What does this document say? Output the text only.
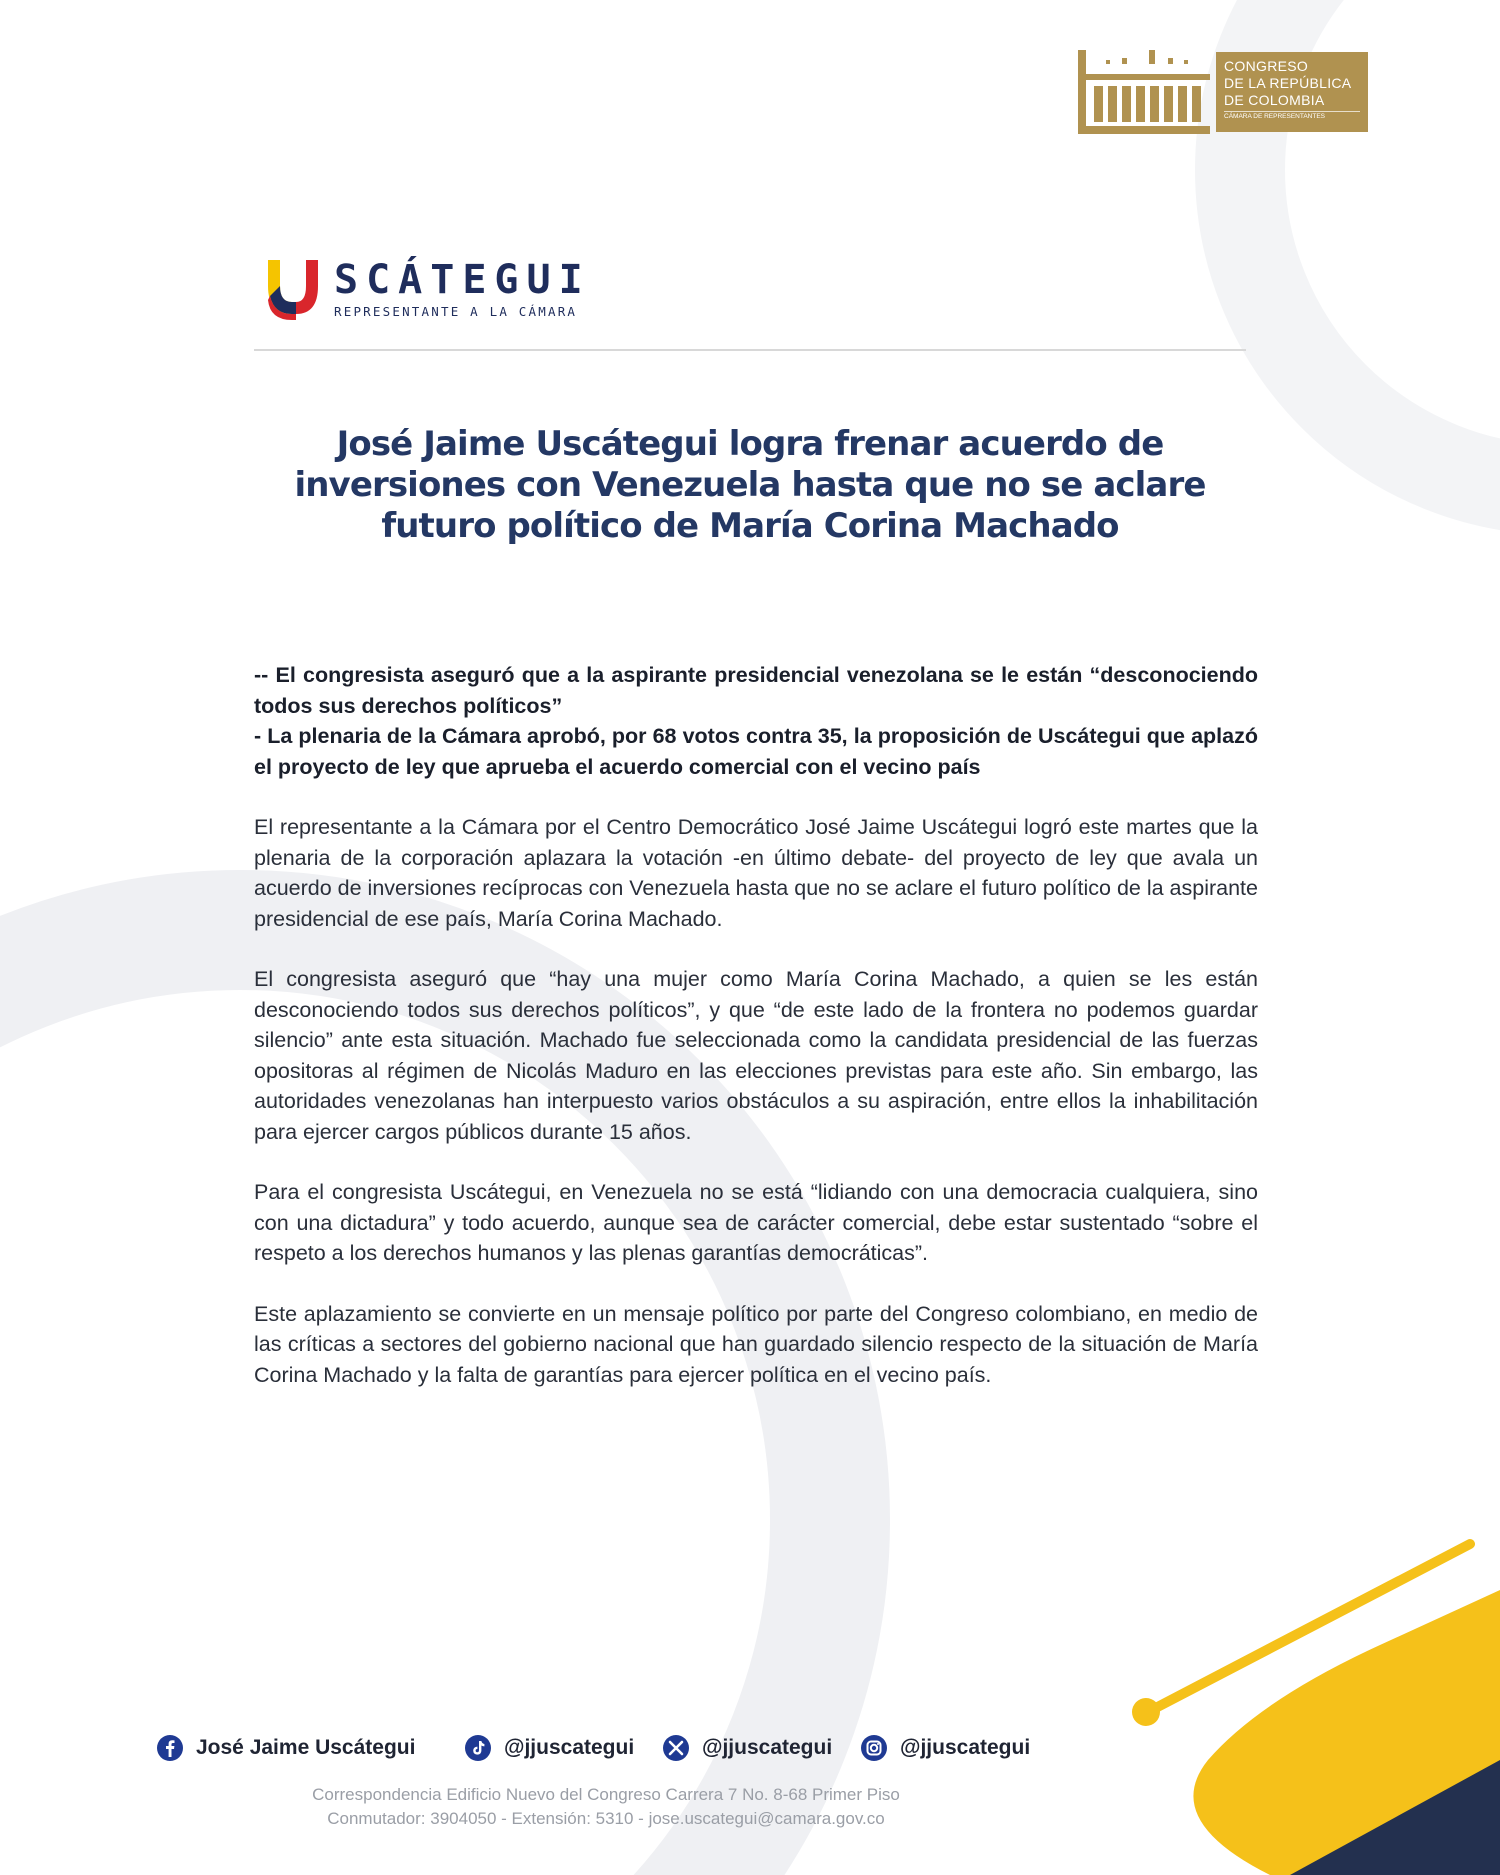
CONGRESO
DE LA REPÚBLICA
DE COLOMBIA
CÁMARA DE REPRESENTANTES
SCÁTEGUI
REPRESENTANTE A LA CÁMARA
José Jaime Uscátegui logra frenar acuerdo de inversiones con Venezuela hasta que no se aclare futuro político de María Corina Machado

-- El congresista aseguró que a la aspirante presidencial venezolana se le están “desconociendo todos sus derechos políticos”

- La plenaria de la Cámara aprobó, por 68 votos contra 35, la proposición de Uscátegui que aplazó el proyecto de ley que aprueba el acuerdo comercial con el vecino país

El representante a la Cámara por el Centro Democrático José Jaime Uscátegui logró este martes que la plenaria de la corporación aplazara la votación -en último debate- del proyecto de ley que avala un acuerdo de inversiones recíprocas con Venezuela hasta que no se aclare el futuro político de la aspirante presidencial de ese país, María Corina Machado.

El congresista aseguró que “hay una mujer como María Corina Machado, a quien se les están desconociendo todos sus derechos políticos”, y que “de este lado de la frontera no podemos guardar silencio” ante esta situación. Machado fue seleccionada como la candidata presidencial de las fuerzas opositoras al régimen de Nicolás Maduro en las elecciones previstas para este año. Sin embargo, las autoridades venezolanas han interpuesto varios obstáculos a su aspiración, entre ellos la inhabilitación para ejercer cargos públicos durante 15 años.

Para el congresista Uscátegui, en Venezuela no se está “lidiando con una democracia cualquiera, sino con una dictadura” y todo acuerdo, aunque sea de carácter comercial, debe estar sustentado “sobre el respeto a los derechos humanos y las plenas garantías democráticas”.

Este aplazamiento se convierte en un mensaje político por parte del Congreso colombiano, en medio de las críticas a sectores del gobierno nacional que han guardado silencio respecto de la situación de María Corina Machado y la falta de garantías para ejercer política en el vecino país.

José Jaime Uscátegui	@jjuscategui	@jjuscategui	@jjuscategui
Correspondencia Edificio Nuevo del Congreso Carrera 7 No. 8-68 Primer Piso
Conmutador: 3904050 - Extensión: 5310 - jose.uscategui@camara.gov.co
